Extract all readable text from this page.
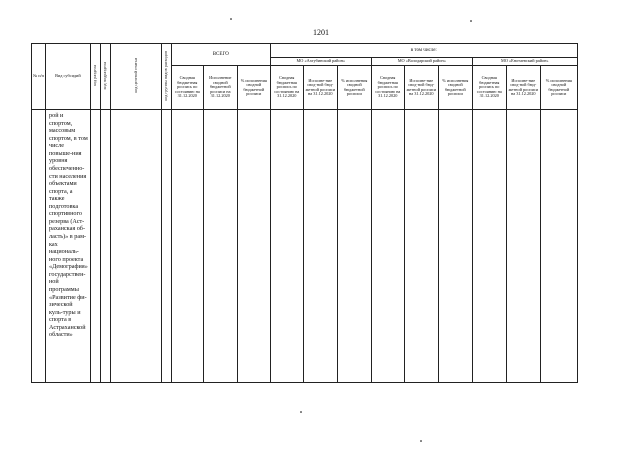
1201
№ п/п	Вид субсидий	код раздела	код подраздела	код целевой статьи	код группы видов расходов	ВСЕГО			в том числе:								
									МО «Ахтубинский район»			МО «Володарский район»			МО «Енотаевский район»		
						Сводная бюджетная роспись по состоянию на 31.12.2020	Исполнение сводной бюджетной росписи на 31.12.2020	% исполнения сводной бюджетной росписи	Сводная бюджетная роспись по состоянию на 31.12.2020	Исполне-ние свод-ной бюд-жетной росписи на 31.12.2020	% исполнения сводной бюджетной росписи	Сводная бюджетная роспись по состоянию на 31.12.2020	Исполне-ние свод-ной бюд-жетной росписи на 31.12.2020	% исполнения сводной бюджетной росписи	Сводная бюджетная роспись по состоянию на 31.12.2020	Исполне-ние свод-ной бюд-жетной росписи на 31.12.2020	% исполнения сводной бюджетной росписи
	рой и спортом, массовым спортом, в том числе повыше-ния уровня обеспеченно-сти населения объектами спорта, а также подготовка спортивного резерва (Аст-раханская об-ласть)» в рам-ках националь-ного проекта «Демография» государствен-ной программы «Развитие фи-зической куль-туры и спорта в Астраханской области»																
